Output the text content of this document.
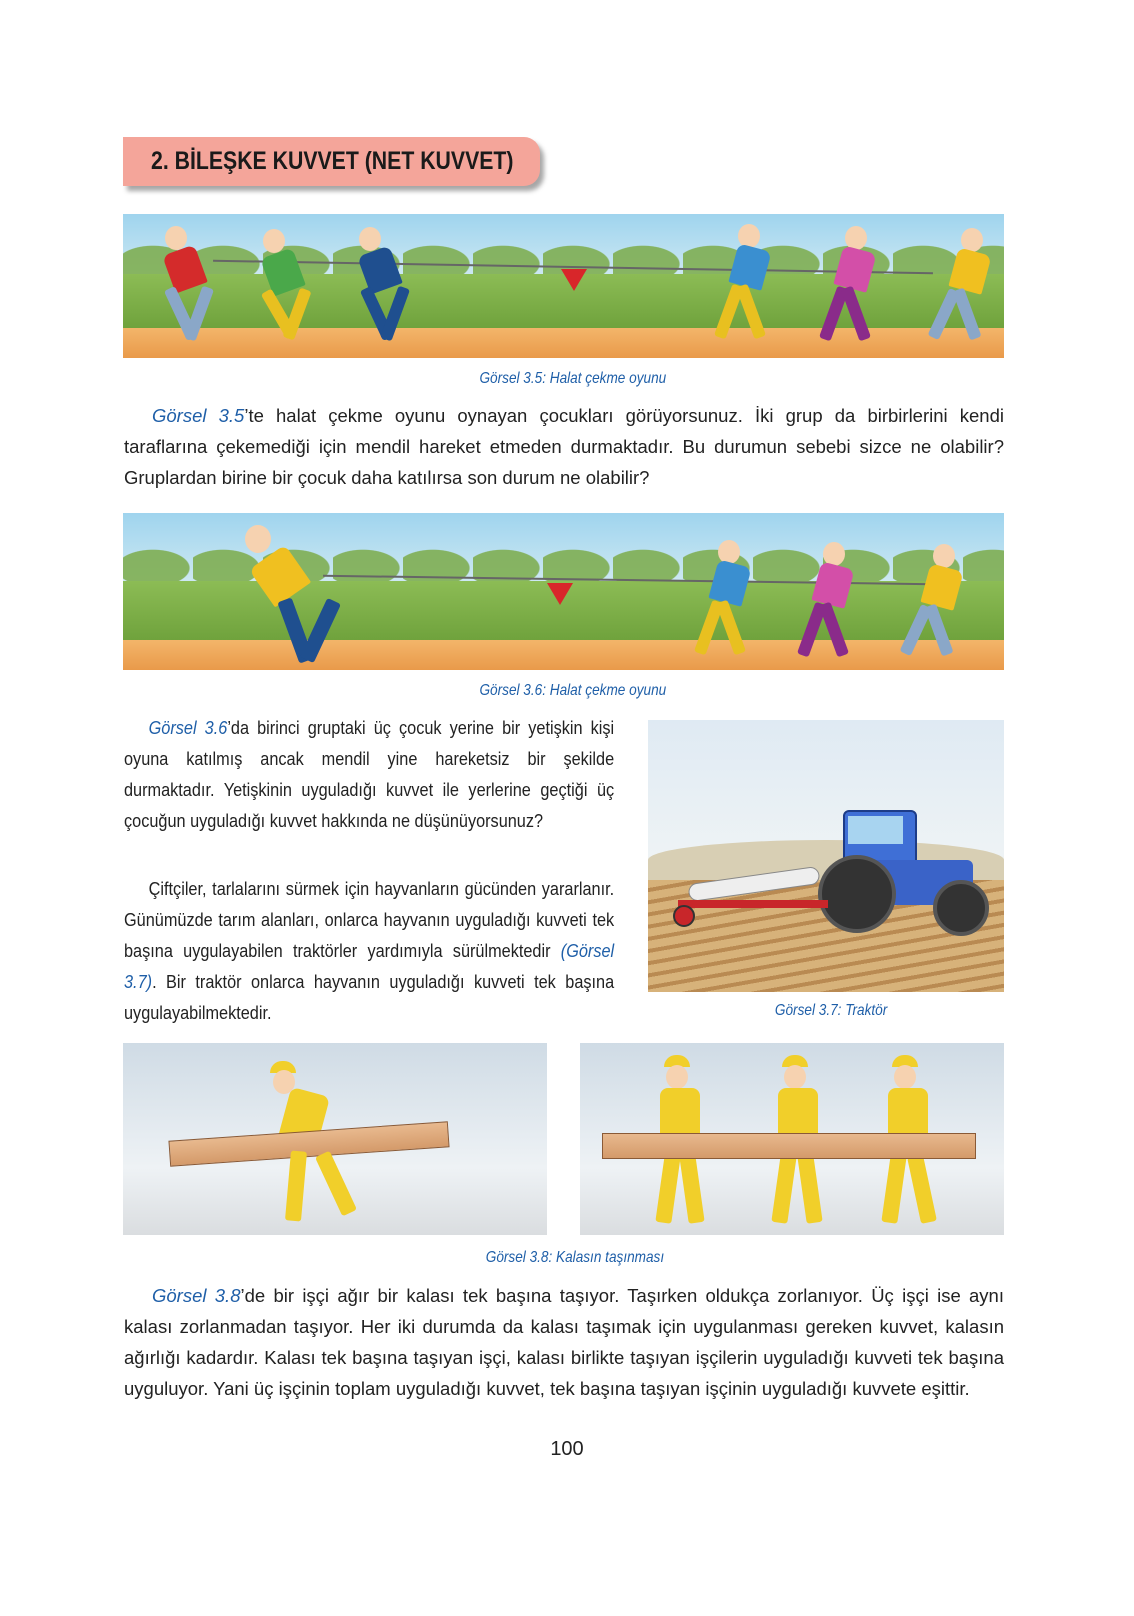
2. BİLEŞKE KUVVET (NET KUVVET)
Görsel 3.5: Halat çekme oyunu
Görsel 3.5’te halat çekme oyunu oynayan çocukları görüyorsunuz. İki grup da birbirlerini kendi taraflarına çekemediği için mendil hareket etmeden durmaktadır. Bu durumun sebebi sizce ne olabilir? Gruplardan birine bir çocuk daha katılırsa son durum ne olabilir?
Görsel 3.6: Halat çekme oyunu
Görsel 3.6’da birinci gruptaki üç çocuk yerine bir yetişkin kişi oyuna katılmış ancak mendil yine hareketsiz bir şekilde durmaktadır. Yetişkinin uyguladığı kuvvet ile yerlerine geçtiği üç çocuğun uyguladığı kuvvet hakkında ne düşünüyorsunuz?
Çiftçiler, tarlalarını sürmek için hayvanların gücünden yararlanır. Günümüzde tarım alanları, onlarca hayvanın uyguladığı kuvveti tek başına uygulayabilen traktörler yardımıyla sürülmektedir (Görsel 3.7). Bir traktör onlarca hayvanın uyguladığı kuvveti tek başına uygulayabilmektedir.	Görsel 3.7: Traktör
Görsel 3.8: Kalasın taşınması
Görsel 3.8’de bir işçi ağır bir kalası tek başına taşıyor. Taşırken oldukça zorlanıyor. Üç işçi ise aynı kalası zorlanmadan taşıyor. Her iki durumda da kalası taşımak için uygulanması gereken kuvvet, kalasın ağırlığı kadardır. Kalası tek başına taşıyan işçi, kalası birlikte taşıyan işçilerin uyguladığı kuvveti tek başına uyguluyor. Yani üç işçinin toplam uyguladığı kuvvet, tek başına taşıyan işçinin uyguladığı kuvvete eşittir.
100
